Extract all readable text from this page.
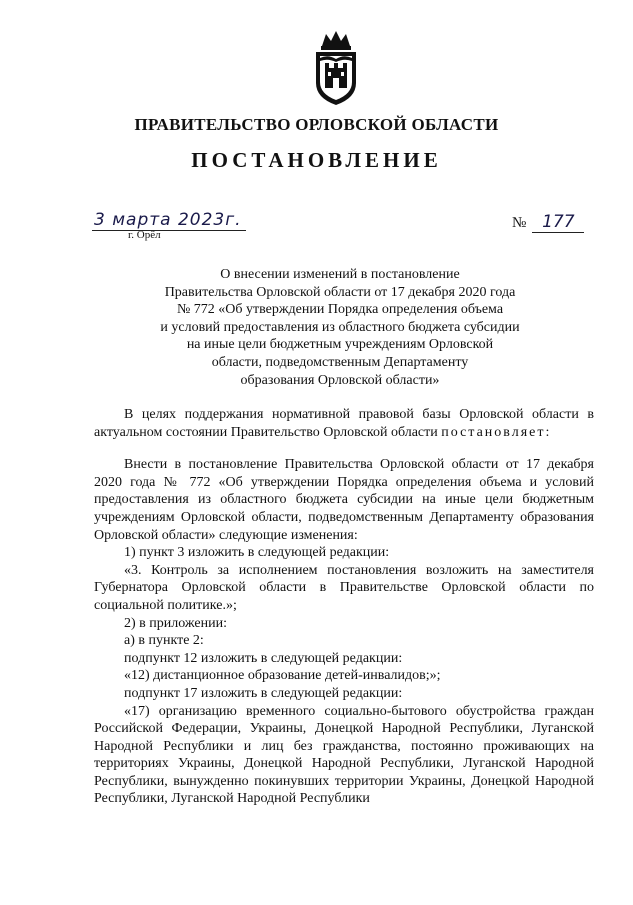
ПРАВИТЕЛЬСТВО ОРЛОВСКОЙ ОБЛАСТИ
ПОСТАНОВЛЕНИЕ
3 марта 2023г.
г. Орёл
№ 177
О внесении изменений в постановление
Правительства Орловской области от 17 декабря 2020 года
№ 772 «Об утверждении Порядка определения объема
и условий предоставления из областного бюджета субсидии
на иные цели бюджетным учреждениям Орловской
области, подведомственным Департаменту
образования Орловской области»

В целях поддержания нормативной правовой базы Орловской области в актуальном состоянии Правительство Орловской области постановляет:

Внести в постановление Правительства Орловской области от 17 декабря 2020 года № 772 «Об утверждении Порядка определения объема и условий предоставления из областного бюджета субсидии на иные цели бюджетным учреждениям Орловской области, подведомственным Департаменту образования Орловской области» следующие изменения:

1) пункт 3 изложить в следующей редакции:

«3. Контроль за исполнением постановления возложить на заместителя Губернатора Орловской области в Правительстве Орловской области по социальной политике.»;

2) в приложении:

а) в пункте 2:

подпункт 12 изложить в следующей редакции:

«12) дистанционное образование детей-инвалидов;»;

подпункт 17 изложить в следующей редакции:

«17) организацию временного социально-бытового обустройства граждан Российской Федерации, Украины, Донецкой Народной Республики, Луганской Народной Республики и лиц без гражданства, постоянно проживающих на территориях Украины, Донецкой Народной Республики, Луганской Народной Республики, вынужденно покинувших территории Украины, Донецкой Народной Республики, Луганской Народной Республики
